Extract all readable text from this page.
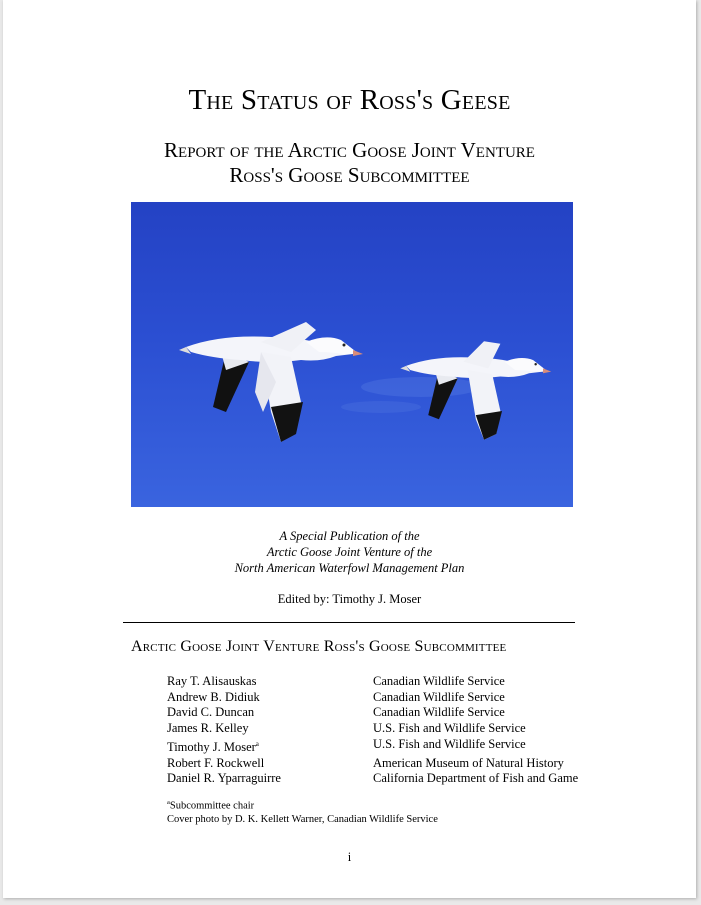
The Status of Ross's Geese
Report of the Arctic Goose Joint Venture
Ross's Goose Subcommittee
A Special Publication of the
Arctic Goose Joint Venture of the
North American Waterfowl Management Plan
Edited by: Timothy J. Moser
Arctic Goose Joint Venture Ross's Goose Subcommittee
Ray T. Alisauskas	Canadian Wildlife Service
Andrew B. Didiuk	Canadian Wildlife Service
David C. Duncan	Canadian Wildlife Service
James R. Kelley	U.S. Fish and Wildlife Service
Timothy J. Moser$^a$	U.S. Fish and Wildlife Service
Robert F. Rockwell	American Museum of Natural History
Daniel R. Yparraguirre	California Department of Fish and Game
$^a$Subcommittee chair
Cover photo by D. K. Kellett Warner, Canadian Wildlife Service
i
